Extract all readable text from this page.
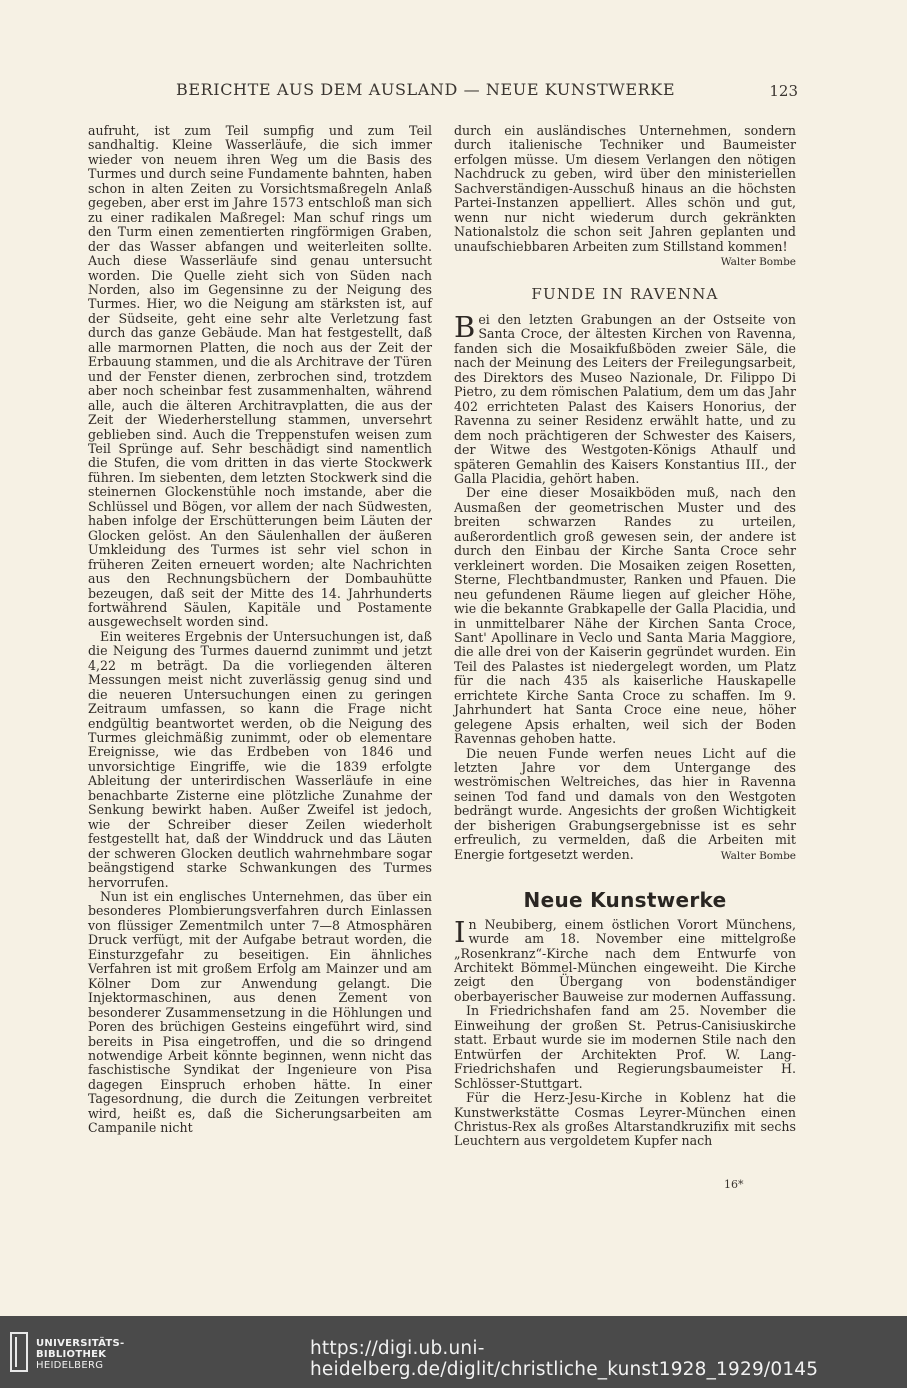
BERICHTE AUS DEM AUSLAND — NEUE KUNSTWERKE	123

aufruht, ist zum Teil sumpfig und zum Teil sandhaltig. Kleine Wasserläufe, die sich immer wieder von neuem ihren Weg um die Basis des Turmes und durch seine Fundamente bahnten, haben schon in alten Zeiten zu Vorsichtsmaßregeln Anlaß gegeben, aber erst im Jahre 1573 entschloß man sich zu einer radikalen Maßregel: Man schuf rings um den Turm einen zementierten ringförmigen Graben, der das Wasser abfangen und weiterleiten sollte. Auch diese Wasserläufe sind genau untersucht worden. Die Quelle zieht sich von Süden nach Norden, also im Gegensinne zu der Neigung des Turmes. Hier, wo die Neigung am stärksten ist, auf der Südseite, geht eine sehr alte Verletzung fast durch das ganze Gebäude. Man hat festgestellt, daß alle marmornen Platten, die noch aus der Zeit der Erbauung stammen, und die als Architrave der Türen und der Fenster dienen, zerbrochen sind, trotzdem aber noch scheinbar fest zusammenhalten, während alle, auch die älteren Architravplatten, die aus der Zeit der Wiederherstellung stammen, unversehrt geblieben sind. Auch die Treppenstufen weisen zum Teil Sprünge auf. Sehr beschädigt sind namentlich die Stufen, die vom dritten in das vierte Stockwerk führen. Im siebenten, dem letzten Stockwerk sind die steinernen Glockenstühle noch imstande, aber die Schlüssel und Bögen, vor allem der nach Südwesten, haben infolge der Erschütterungen beim Läuten der Glocken gelöst. An den Säulenhallen der äußeren Umkleidung des Turmes ist sehr viel schon in früheren Zeiten erneuert worden; alte Nachrichten aus den Rechnungsbüchern der Dombauhütte bezeugen, daß seit der Mitte des 14. Jahrhunderts fortwährend Säulen, Kapitäle und Postamente ausgewechselt worden sind.

Ein weiteres Ergebnis der Untersuchungen ist, daß die Neigung des Turmes dauernd zunimmt und jetzt 4,22 m beträgt. Da die vorliegenden älteren Messungen meist nicht zuverlässig genug sind und die neueren Untersuchungen einen zu geringen Zeitraum umfassen, so kann die Frage nicht endgültig beantwortet werden, ob die Neigung des Turmes gleichmäßig zunimmt, oder ob elementare Ereignisse, wie das Erdbeben von 1846 und unvorsichtige Eingriffe, wie die 1839 erfolgte Ableitung der unterirdischen Wasserläufe in eine benachbarte Zisterne eine plötzliche Zunahme der Senkung bewirkt haben. Außer Zweifel ist jedoch, wie der Schreiber dieser Zeilen wiederholt festgestellt hat, daß der Winddruck und das Läuten der schweren Glocken deutlich wahrnehmbare sogar beängstigend starke Schwankungen des Turmes hervorrufen.

Nun ist ein englisches Unternehmen, das über ein besonderes Plombierungsverfahren durch Einlassen von flüssiger Zementmilch unter 7—8 Atmosphären Druck verfügt, mit der Aufgabe betraut worden, die Einsturzgefahr zu beseitigen. Ein ähnliches Verfahren ist mit großem Erfolg am Mainzer und am Kölner Dom zur Anwendung gelangt. Die Injektormaschinen, aus denen Zement von besonderer Zusammensetzung in die Höhlungen und Poren des brüchigen Gesteins eingeführt wird, sind bereits in Pisa eingetroffen, und die so dringend notwendige Arbeit könnte beginnen, wenn nicht das faschistische Syndikat der Ingenieure von Pisa dagegen Einspruch erhoben hätte. In einer Tagesordnung, die durch die Zeitungen verbreitet wird, heißt es, daß die Sicherungsarbeiten am Campanile nicht

durch ein ausländisches Unternehmen, sondern durch italienische Techniker und Baumeister erfolgen müsse. Um diesem Verlangen den nötigen Nachdruck zu geben, wird über den ministeriellen Sachverständigen-Ausschuß hinaus an die höchsten Partei-Instanzen appelliert. Alles schön und gut, wenn nur nicht wiederum durch gekränkten Nationalstolz die schon seit Jahren geplanten und unaufschiebbaren Arbeiten zum Stillstand kommen!
Walter Bombe

FUNDE IN RAVENNA

B ei den letzten Grabungen an der Ostseite von Santa Croce, der ältesten Kirchen von Ravenna, fanden sich die Mosaikfußböden zweier Säle, die nach der Meinung des Leiters der Freilegungsarbeit, des Direktors des Museo Nazionale, Dr. Filippo Di Pietro, zu dem römischen Palatium, dem um das Jahr 402 errichteten Palast des Kaisers Honorius, der Ravenna zu seiner Residenz erwählt hatte, und zu dem noch prächtigeren der Schwester des Kaisers, der Witwe des Westgoten-Königs Athaulf und späteren Gemahlin des Kaisers Konstantius III., der Galla Placidia, gehört haben.

Der eine dieser Mosaikböden muß, nach den Ausmaßen der geometrischen Muster und des breiten schwarzen Randes zu urteilen, außerordentlich groß gewesen sein, der andere ist durch den Einbau der Kirche Santa Croce sehr verkleinert worden. Die Mosaiken zeigen Rosetten, Sterne, Flechtbandmuster, Ranken und Pfauen. Die neu gefundenen Räume liegen auf gleicher Höhe, wie die bekannte Grabkapelle der Galla Placidia, und in unmittelbarer Nähe der Kirchen Santa Croce, Sant' Apollinare in Veclo und Santa Maria Maggiore, die alle drei von der Kaiserin gegründet wurden. Ein Teil des Palastes ist niedergelegt worden, um Platz für die nach 435 als kaiserliche Hauskapelle errichtete Kirche Santa Croce zu schaffen. Im 9. Jahrhundert hat Santa Croce eine neue, höher gelegene Apsis erhalten, weil sich der Boden Ravennas gehoben hatte.

Die neuen Funde werfen neues Licht auf die letzten Jahre vor dem Untergange des weströmischen Weltreiches, das hier in Ravenna seinen Tod fand und damals von den Westgoten bedrängt wurde. Angesichts der großen Wichtigkeit der bisherigen Grabungsergebnisse ist es sehr erfreulich, zu vermelden, daß die Arbeiten mit Energie fortgesetzt werden.	Walter Bombe

Neue Kunstwerke

I n Neubiberg, einem östlichen Vorort Münchens, wurde am 18. November eine mittelgroße „Rosenkranz“-Kirche nach dem Entwurfe von Architekt Bömmel-München eingeweiht. Die Kirche zeigt den Übergang von bodenständiger oberbayerischer Bauweise zur modernen Auffassung.

In Friedrichshafen fand am 25. November die Einweihung der großen St. Petrus-Canisiuskirche statt. Erbaut wurde sie im modernen Stile nach den Entwürfen der Architekten Prof. W. Lang-Friedrichshafen und Regierungsbaumeister H. Schlösser-Stuttgart.

Für die Herz-Jesu-Kirche in Koblenz hat die Kunstwerkstätte Cosmas Leyrer-München einen Christus-Rex als großes Altarstandkruzifix mit sechs Leuchtern aus vergoldetem Kupfer nach

16*
UNIVERSITÄTS-
BIBLIOTHEK
HEIDELBERG
https://digi.ub.uni-heidelberg.de/diglit/christliche_kunst1928_1929/0145
